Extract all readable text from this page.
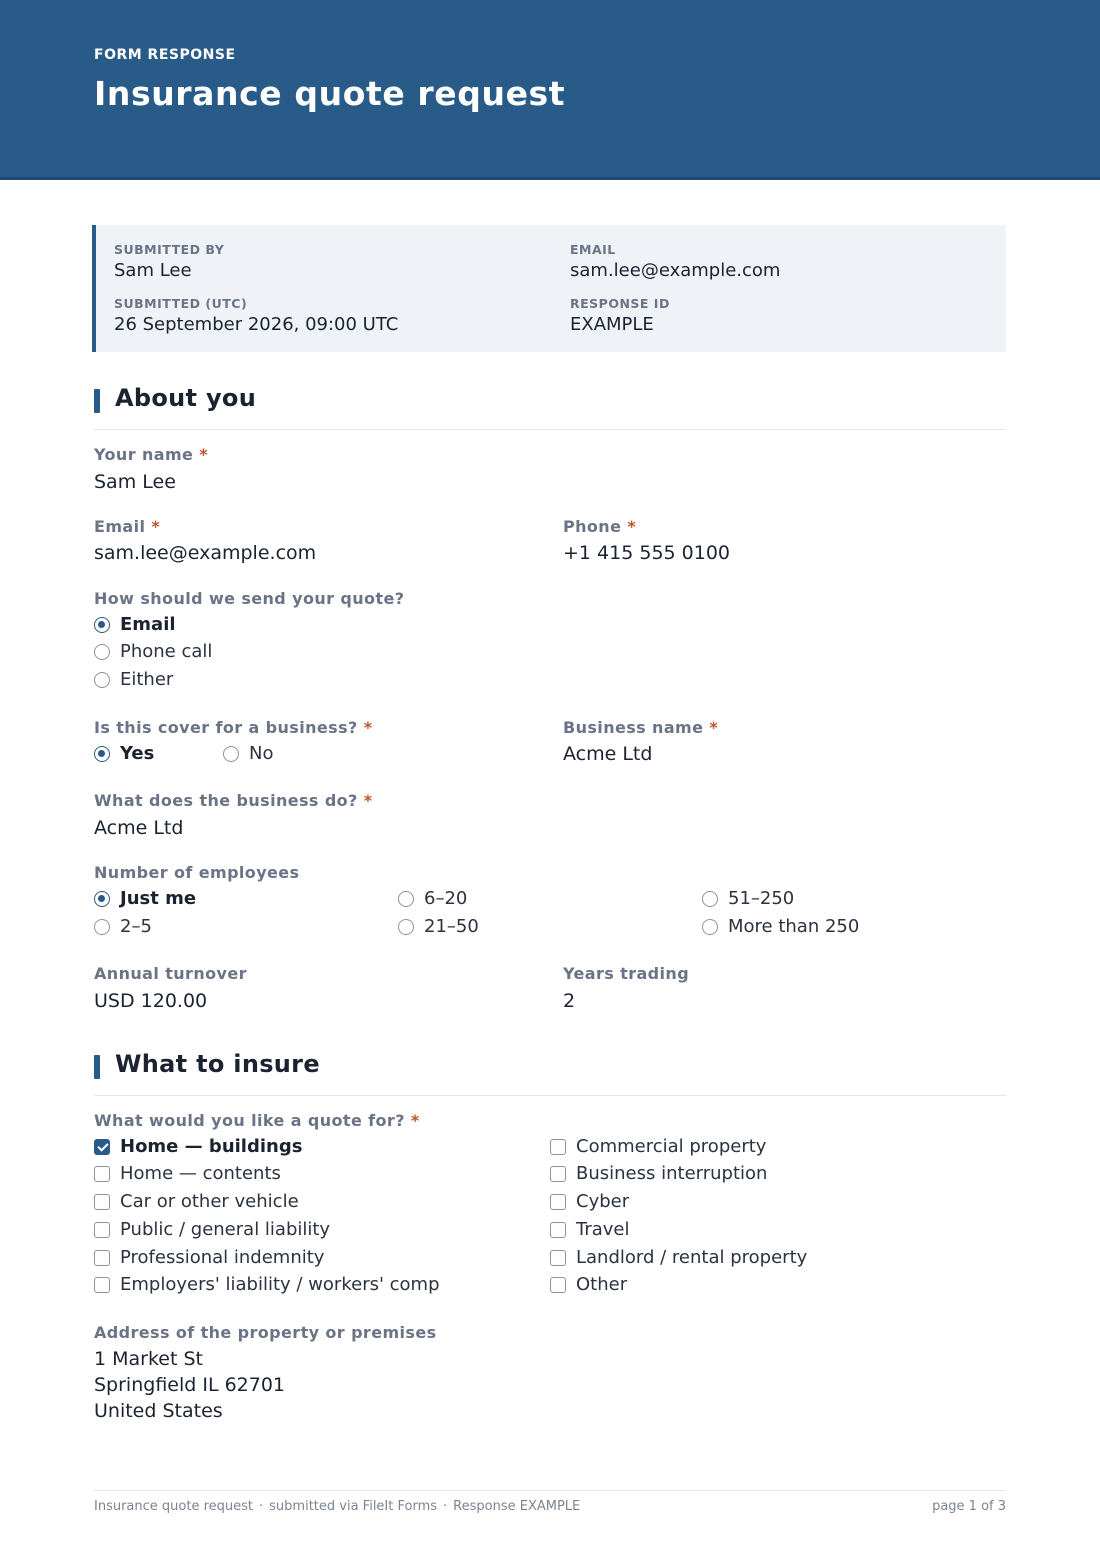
FORM RESPONSE
Insurance quote request
SUBMITTED BY
Sam Lee
EMAIL
sam.lee@example.com
SUBMITTED (UTC)
26 September 2026, 09:00 UTC
RESPONSE ID
EXAMPLE
About you
Your name *
Sam Lee
Email *
sam.lee@example.com
Phone *
+1 415 555 0100
How should we send your quote?
Email
Phone call
Either
Is this cover for a business? *
Yes	No
Business name *
Acme Ltd
What does the business do? *
Acme Ltd
Number of employees
Just me
2–5
6–20
21–50
51–250
More than 250
Annual turnover
USD 120.00
Years trading
2
What to insure
What would you like a quote for? *
Home — buildings
Home — contents
Car or other vehicle
Public / general liability
Professional indemnity
Employers' liability / workers' comp
Commercial property
Business interruption
Cyber
Travel
Landlord / rental property
Other
Address of the property or premises
1 Market St
Springfield IL 62701
United States
Insurance quote request · submitted via FileIt Forms · Response EXAMPLE	page 1 of 3
